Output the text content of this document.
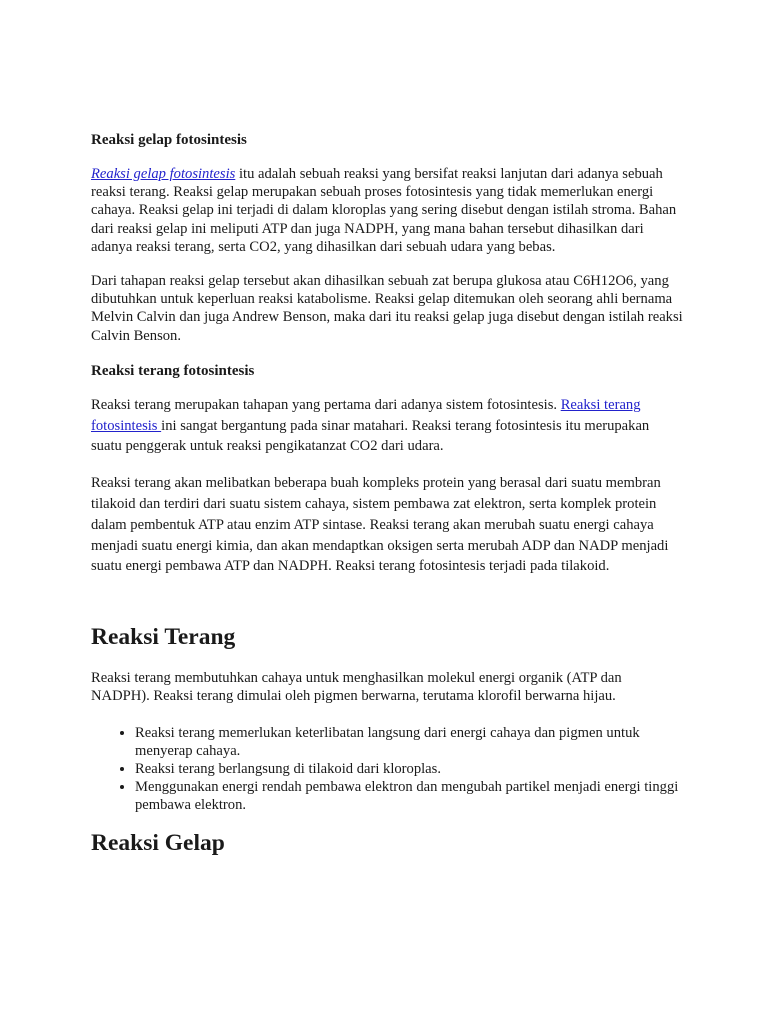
Reaksi gelap fotosintesis

Reaksi gelap fotosintesis itu adalah sebuah reaksi yang bersifat reaksi lanjutan dari adanya sebuah reaksi terang. Reaksi gelap merupakan sebuah proses fotosintesis yang tidak memerlukan energi cahaya. Reaksi gelap ini terjadi di dalam kloroplas yang sering disebut dengan istilah stroma. Bahan dari reaksi gelap ini meliputi ATP dan juga NADPH, yang mana bahan tersebut dihasilkan dari adanya reaksi terang, serta CO2, yang dihasilkan dari sebuah udara yang bebas.

Dari tahapan reaksi gelap tersebut akan dihasilkan sebuah zat berupa glukosa atau C6H12O6, yang dibutuhkan untuk keperluan reaksi katabolisme. Reaksi gelap ditemukan oleh seorang ahli bernama Melvin Calvin dan juga Andrew Benson, maka dari itu reaksi gelap juga disebut dengan istilah reaksi Calvin Benson.

Reaksi terang fotosintesis

Reaksi terang merupakan tahapan yang pertama dari adanya sistem fotosintesis. Reaksi terang fotosintesis ini sangat bergantung pada sinar matahari. Reaksi terang fotosintesis itu merupakan suatu penggerak untuk reaksi pengikatanzat CO2 dari udara.

Reaksi terang akan melibatkan beberapa buah kompleks protein yang berasal dari suatu membran tilakoid dan terdiri dari suatu sistem cahaya, sistem pembawa zat elektron, serta komplek protein dalam pembentuk ATP atau enzim ATP sintase. Reaksi terang akan merubah suatu energi cahaya menjadi suatu energi kimia, dan akan mendaptkan oksigen serta merubah ADP dan NADP menjadi suatu energi pembawa ATP dan NADPH. Reaksi terang fotosintesis terjadi pada tilakoid.

Reaksi Terang

Reaksi terang membutuhkan cahaya untuk menghasilkan molekul energi organik (ATP dan NADPH). Reaksi terang dimulai oleh pigmen berwarna, terutama klorofil berwarna hijau.

• Reaksi terang memerlukan keterlibatan langsung dari energi cahaya dan pigmen untuk menyerap cahaya.
• Reaksi terang berlangsung di tilakoid dari kloroplas.
• Menggunakan energi rendah pembawa elektron dan mengubah partikel menjadi energi tinggi pembawa elektron.
Reaksi Gelap
